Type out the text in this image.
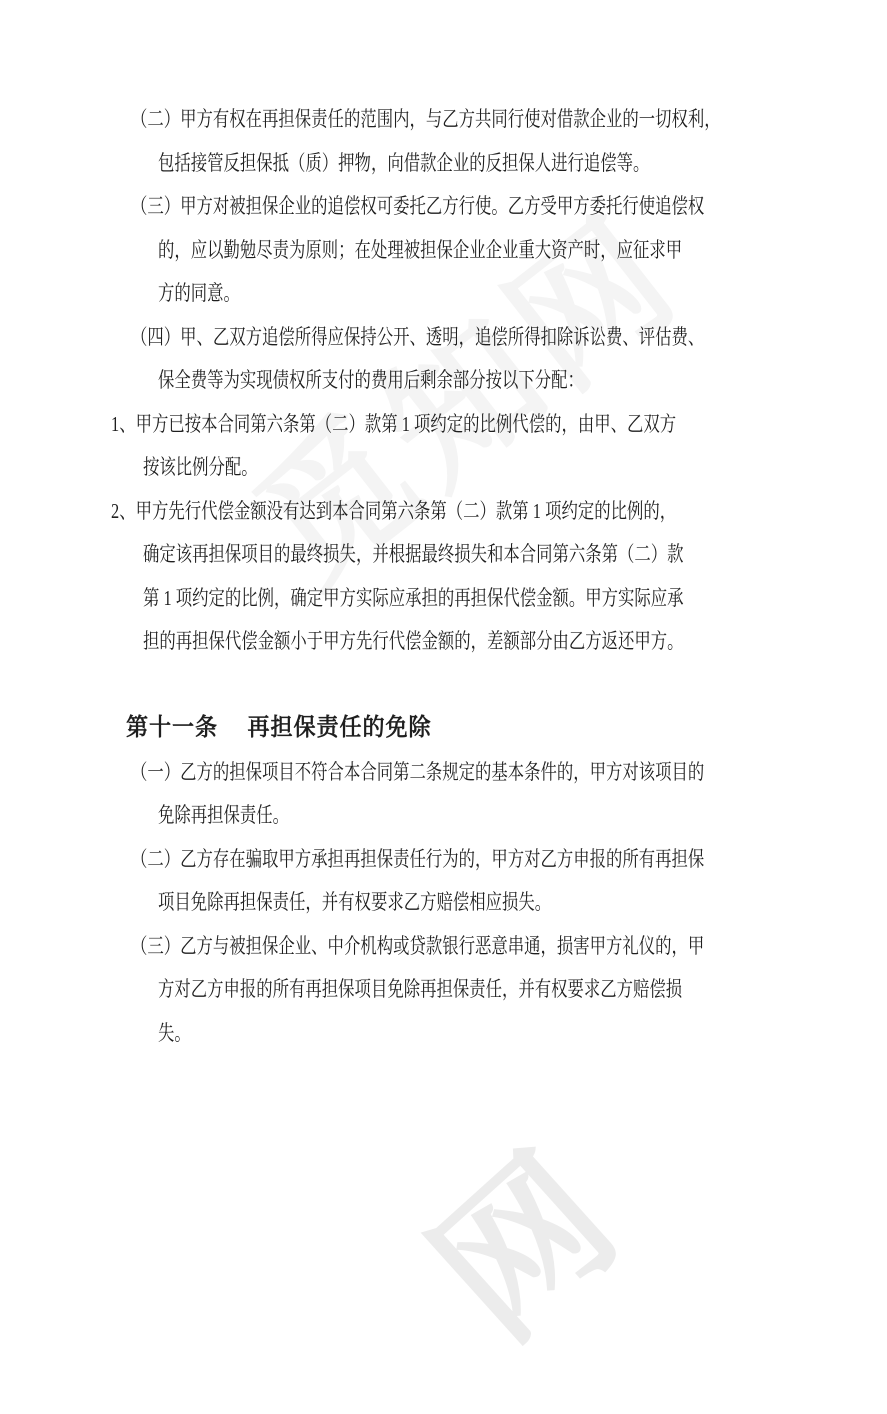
网
（二）甲方有权在再担保责任的范围内，与乙方共同行使对借款企业的一切权利，
包括接管反担保抵（质）押物，向借款企业的反担保人进行追偿等。
（三）甲方对被担保企业的追偿权可委托乙方行使。乙方受甲方委托行使追偿权
的，应以勤勉尽责为原则；在处理被担保企业企业重大资产时，应征求甲
方的同意。
（四）甲、乙双方追偿所得应保持公开、透明，追偿所得扣除诉讼费、评估费、
保全费等为实现债权所支付的费用后剩余部分按以下分配：
1、甲方已按本合同第六条第（二）款第 1 项约定的比例代偿的，由甲、乙双方
按该比例分配。
2、甲方先行代偿金额没有达到本合同第六条第（二）款第 1 项约定的比例的，
确定该再担保项目的最终损失，并根据最终损失和本合同第六条第（二）款
第 1 项约定的比例，确定甲方实际应承担的再担保代偿金额。甲方实际应承
担的再担保代偿金额小于甲方先行代偿金额的，差额部分由乙方返还甲方。
第十一条　 再担保责任的免除
（一）乙方的担保项目不符合本合同第二条规定的基本条件的，甲方对该项目的
免除再担保责任。
（二）乙方存在骗取甲方承担再担保责任行为的，甲方对乙方申报的所有再担保
项目免除再担保责任，并有权要求乙方赔偿相应损失。
（三）乙方与被担保企业、中介机构或贷款银行恶意串通，损害甲方礼仪的，甲
方对乙方申报的所有再担保项目免除再担保责任，并有权要求乙方赔偿损
失。
